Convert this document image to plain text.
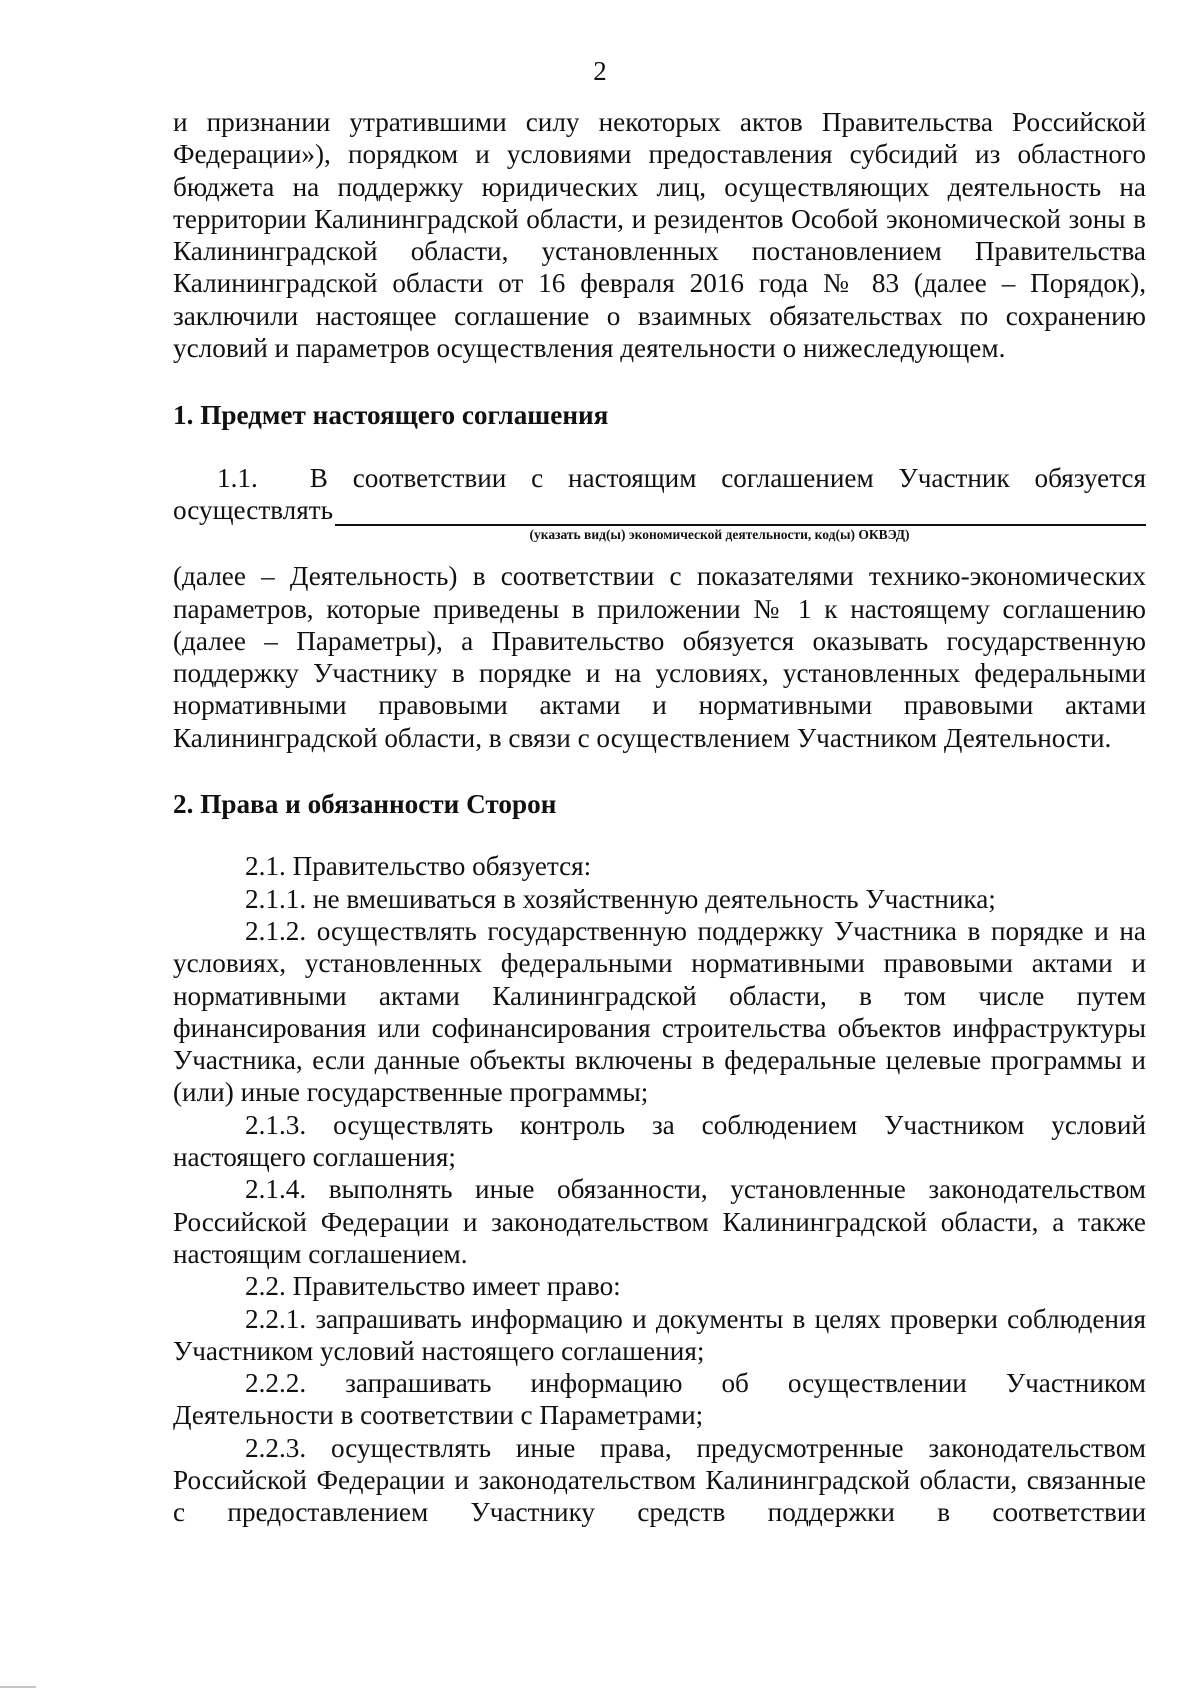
2

и признании утратившими силу некоторых актов Правительства Российской Федерации»), порядком и условиями предоставления субсидий из областного бюджета на поддержку юридических лиц, осуществляющих деятельность на территории Калининградской области, и резидентов Особой экономической зоны в Калининградской области, установленных постановлением Правительства Калининградской области от 16 февраля 2016 года № 83 (далее – Порядок), заключили настоящее соглашение о взаимных обязательствах по сохранению условий и параметров осуществления деятельности о нижеследующем.

1. Предмет настоящего соглашения

1.1.	В соответствии с настоящим соглашением Участник обязуется
осуществлять
(указать вид(ы) экономической деятельности, код(ы) ОКВЭД)

(далее – Деятельность) в соответствии с показателями технико-экономических параметров, которые приведены в приложении № 1 к настоящему соглашению (далее – Параметры), а Правительство обязуется оказывать государственную поддержку Участнику в порядке и на условиях, установленных федеральными нормативными правовыми актами и нормативными правовыми актами Калининградской области, в связи с осуществлением Участником Деятельности.

2. Права и обязанности Сторон

2.1. Правительство обязуется:

2.1.1. не вмешиваться в хозяйственную деятельность Участника;

2.1.2. осуществлять государственную поддержку Участника в порядке и на условиях, установленных федеральными нормативными правовыми актами и нормативными актами Калининградской области, в том числе путем финансирования или софинансирования строительства объектов инфраструктуры Участника, если данные объекты включены в федеральные целевые программы и (или) иные государственные программы;

2.1.3. осуществлять контроль за соблюдением Участником условий настоящего соглашения;

2.1.4. выполнять иные обязанности, установленные законодательством Российской Федерации и законодательством Калининградской области, а также настоящим соглашением.

2.2. Правительство имеет право:

2.2.1. запрашивать информацию и документы в целях проверки соблюдения Участником условий настоящего соглашения;

2.2.2. запрашивать информацию об осуществлении Участником Деятельности в соответствии с Параметрами;

2.2.3. осуществлять иные права, предусмотренные законодательством Российской Федерации и законодательством Калининградской области, связанные с предоставлением Участнику средств поддержки в соответствии
